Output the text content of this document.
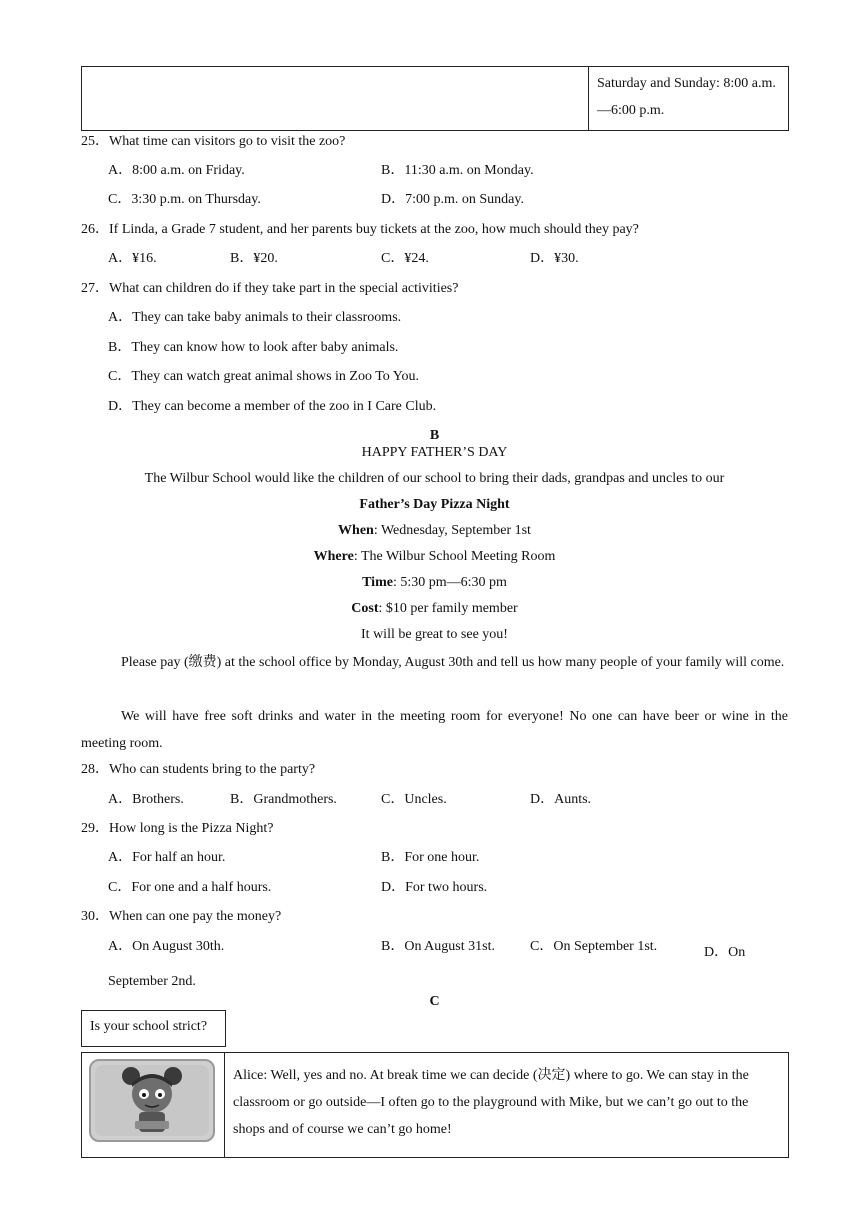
Saturday and Sunday: 8:00 a.m. —6:00 p.m.
25．What time can visitors go to visit the zoo?
A．8:00 a.m. on Friday.	B．11:30 a.m. on Monday.
C．3:30 p.m. on Thursday.	D．7:00 p.m. on Sunday.
26．If Linda, a Grade 7 student, and her parents buy tickets at the zoo, how much should they pay?
A．¥16.	B．¥20.	C．¥24.	D．¥30.
27．What can children do if they take part in the special activities?
A．They can take baby animals to their classrooms.
B．They can know how to look after baby animals.
C．They can watch great animal shows in Zoo To You.
D．They can become a member of the zoo in I Care Club.
B
HAPPY FATHER’S DAY
The Wilbur School would like the children of our school to bring their dads, grandpas and uncles to our
Father’s Day Pizza Night
When: Wednesday, September 1st
Where: The Wilbur School Meeting Room
Time: 5:30 pm—6:30 pm
Cost: $10 per family member
It will be great to see you!
Please pay (缴费) at the school office by Monday, August 30th and tell us how many people of your family will come.
We will have free soft drinks and water in the meeting room for everyone! No one can have beer or wine in the meeting room.
28．Who can students bring to the party?
A．Brothers.	B．Grandmothers.	C．Uncles.	D．Aunts.
29．How long is the Pizza Night?
A．For half an hour.	B．For one hour.
C．For one and a half hours.	D．For two hours.
30．When can one pay the money?
A．On August 30th.	B．On August 31st.	C．On September 1st.	D．On September 2nd.
C
Is your school strict?
Alice: Well, yes and no. At break time we can decide (决定) where to go. We can stay in the classroom or go outside—I often go to the playground with Mike, but we can’t go out to the shops and of course we can’t go home!
